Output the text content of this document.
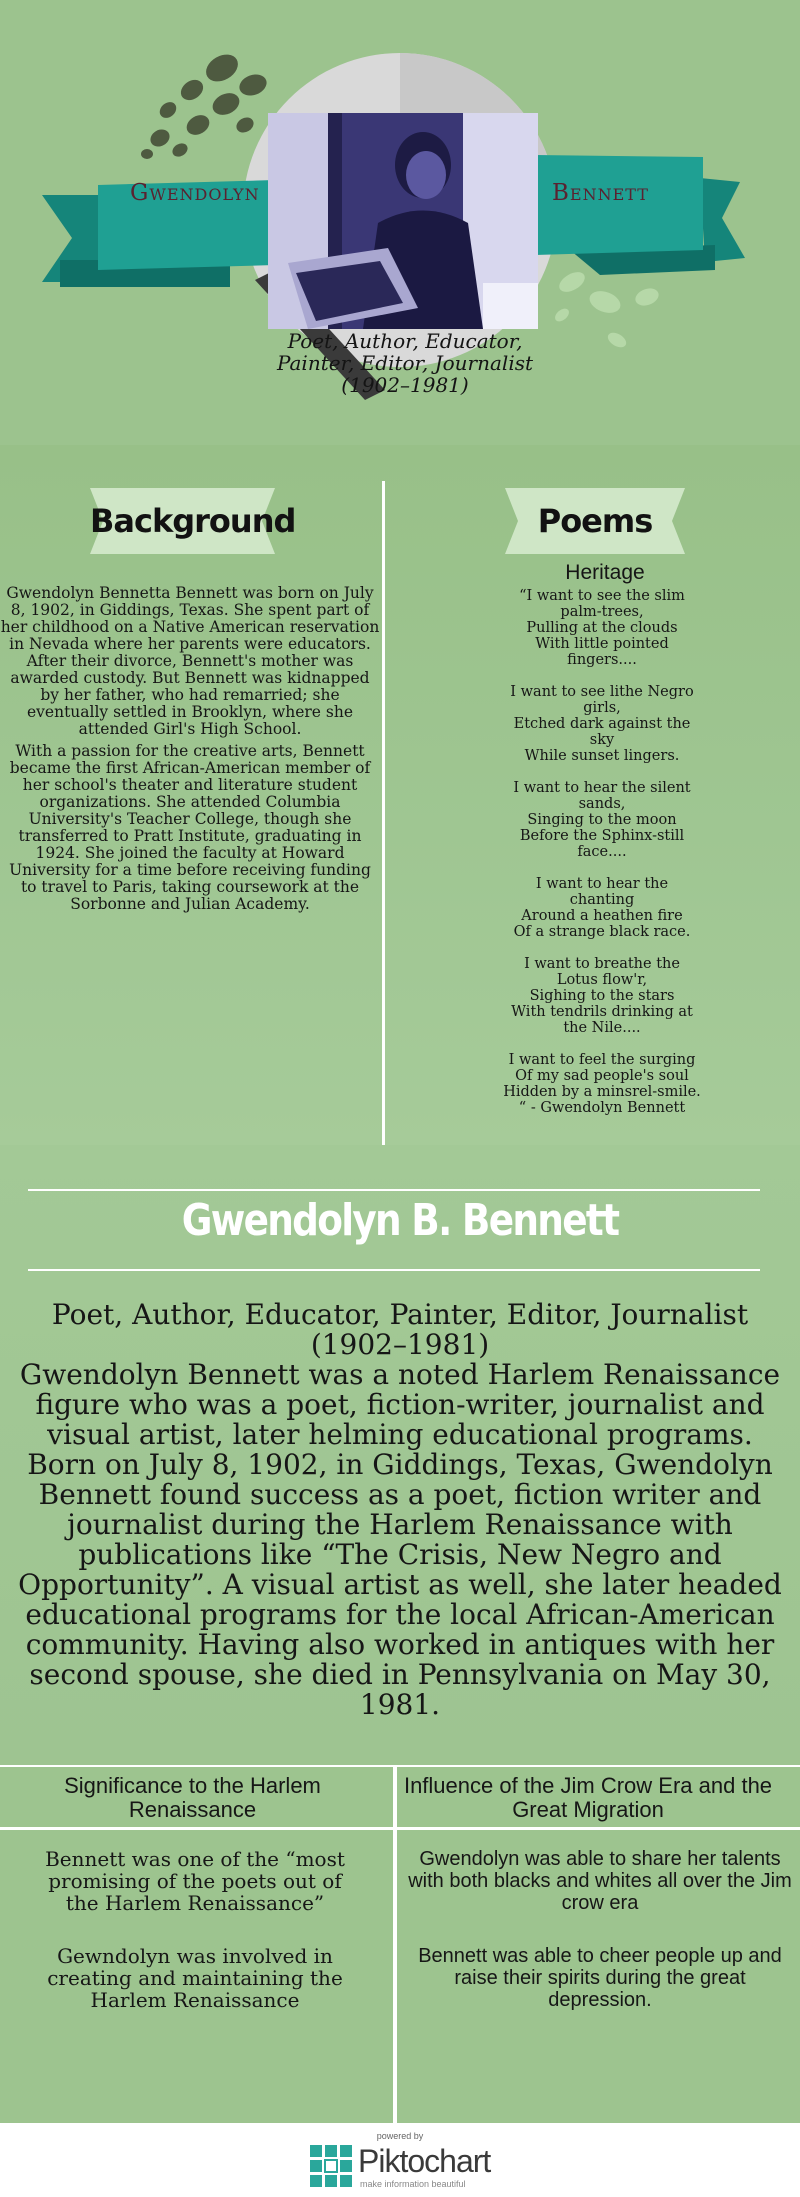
Gwendolyn	Bennett
Poet, Author, Educator, Painter, Editor, Journalist (1902–1981)
Background	Poems
Gwendolyn Bennetta Bennett was born on July 8, 1902, in Giddings, Texas. She spent part of her childhood on a Native American reservation in Nevada where her parents were educators. After their divorce, Bennett's mother was awarded custody. But Bennett was kidnapped by her father, who had remarried; she eventually settled in Brooklyn, where she attended Girl's High School.
With a passion for the creative arts, Bennett became the first African-American member of her school's theater and literature student organizations. She attended Columbia University's Teacher College, though she transferred to Pratt Institute, graduating in 1924. She joined the faculty at Howard University for a time before receiving funding to travel to Paris, taking coursework at the Sorbonne and Julian Academy.
Heritage
“I want to see the slim palm-trees,
Pulling at the clouds
With little pointed fingers....

I want to see lithe Negro girls,
Etched dark against the sky
While sunset lingers.

I want to hear the silent sands,
Singing to the moon
Before the Sphinx-still face....

I want to hear the chanting
Around a heathen fire
Of a strange black race.

I want to breathe the Lotus flow'r,
Sighing to the stars
With tendrils drinking at the Nile....

I want to feel the surging
Of my sad people's soul
Hidden by a minsrel-smile. “ - Gwendolyn Bennett
Gwendolyn B. Bennett
Poet, Author, Educator, Painter, Editor, Journalist (1902–1981)
Gwendolyn Bennett was a noted Harlem Renaissance figure who was a poet, fiction-writer, journalist and visual artist, later helming educational programs. Born on July 8, 1902, in Giddings, Texas, Gwendolyn Bennett found success as a poet, fiction writer and journalist during the Harlem Renaissance with publications like “The Crisis, New Negro and Opportunity”. A visual artist as well, she later headed educational programs for the local African-American community. Having also worked in antiques with her second spouse, she died in Pennsylvania on May 30, 1981.
Significance to the Harlem Renaissance
Influence of the Jim Crow Era and the Great Migration
Bennett was one of the “most promising of the poets out of the Harlem Renaissance”
Gewndolyn was involved in creating and maintaining the Harlem Renaissance
Gwendolyn was able to share her talents with both blacks and whites all over the Jim crow era
Bennett was able to cheer people up and raise their spirits during the great depression.
powered by
Piktochart
make information beautiful
